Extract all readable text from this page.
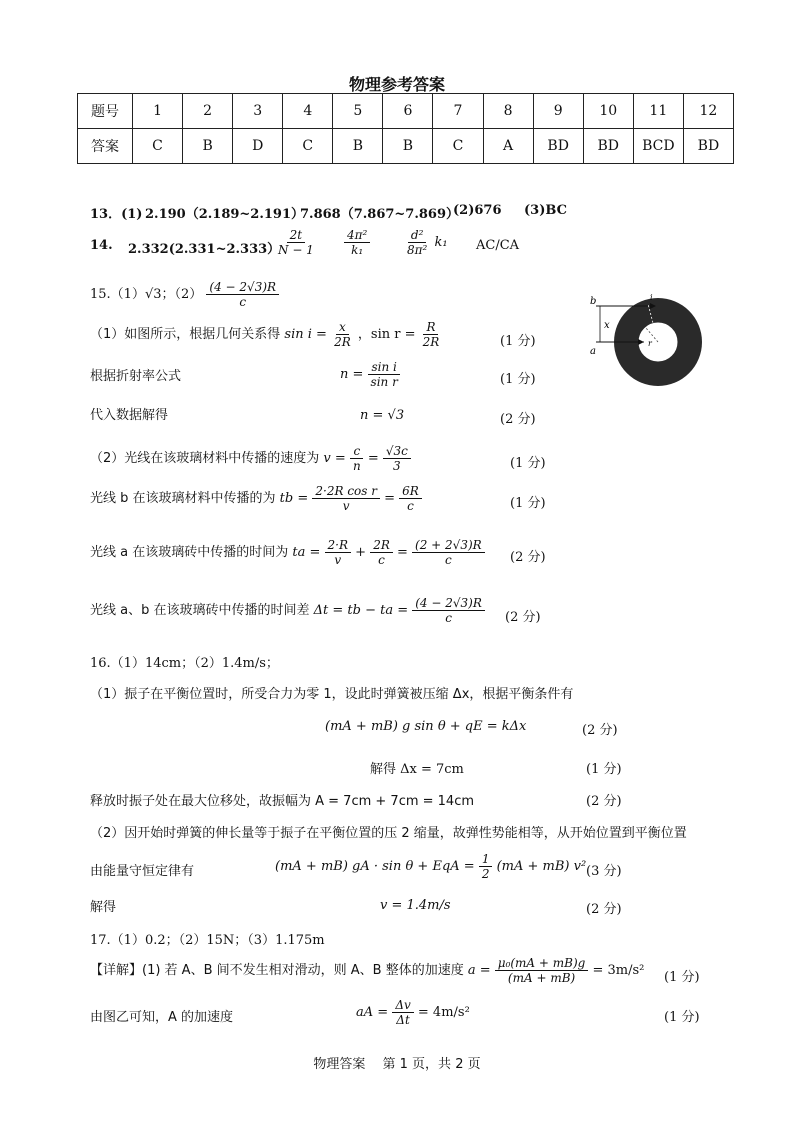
物理参考答案
题号	1	2	3	4	5	6	7	8	9	10	11	12
答案	C	B	D	C	B	B	C	A	BD	BD	BCD	BD
13．(1) 2.190（2.189~2.191）
7.868（7.867~7.869）
(2)676 (3)BC
14. 2.332(2.331~2.333）
$\frac{2t}{N - 1} \frac{\text{4π²}}{\text{k₁}}$	$\frac{\text{d²}}{\text{8π²}} k_1$ AC/CA
15.（1）√3；$(2) \frac{(4 - 2√3)R}{c}$
（1）如图所示，根据几何关系得 $\sin i = \frac{x}{2R}$ ，$\sin r = \frac{R}{2R}$	(1 分)
根据折射率公式	$n = \frac{\text{sin i}}{\text{sin r}}$	(1 分)
代入数据解得	n = √3	(2 分)
（2）光线在该玻璃材料中传播的速度为 $v = \frac{c}{n} = \frac{√3c}{3}$	(1 分)
光线 b 在该玻璃材料中传播的为 tb = $\frac{\text{2·2R cos r}}{v} = \frac{6R}{c}$	(1 分)
光线 a 在该玻璃砖中传播的时间为 ta = $\frac{2\cdot R}{v} + \frac{2R}{c} = \frac{(2 + 2√3)R}{c} (2$ 分)
光线 a、b 在该玻璃砖中传播的时间差 Δt = tb − ta = $\frac{(4 - 2√3)R}{c} (2$ 分)
b
a
x
i
r
16.（1）14cm；（2）1.4m/s；
（1）振子在平衡位置时，所受合力为零 1，设此时弹簧被压缩 Δx，根据平衡条件有
(mA + mB) g sin θ + qE = kΔx	(2 分)
解得 Δx = 7cm	(1 分)
释放时振子处在最大位移处，故振幅为 A = 7cm + 7cm = 14cm	(2 分)
（2）因开始时弹簧的伸长量等于振子在平衡位置的压 2 缩量，故弹性势能相等，从开始位置到平衡位置
由能量守恒定律有	(mA + mB) gA · sin θ + EqA = $\frac{1}{2} (mA + mB)$ v² (3 分)
解得	v = 1.4m/s	(2 分)
17.（1）0.2；（2）15N；（3）1.175m
【详解】(1) 若 A、B 间不发生相对滑动，则 A、B 整体的加速度 $a = \frac{\text{μ₀(mA + mB)g}}{(mA + mB)} = 3m/s^2$ (1 分)
由图乙可知，A 的加速度	aA = $\frac{\Delta v}{\Delta t} = 4m/s^2$	(1 分)
物理答案　 第 1 页，共 2 页
